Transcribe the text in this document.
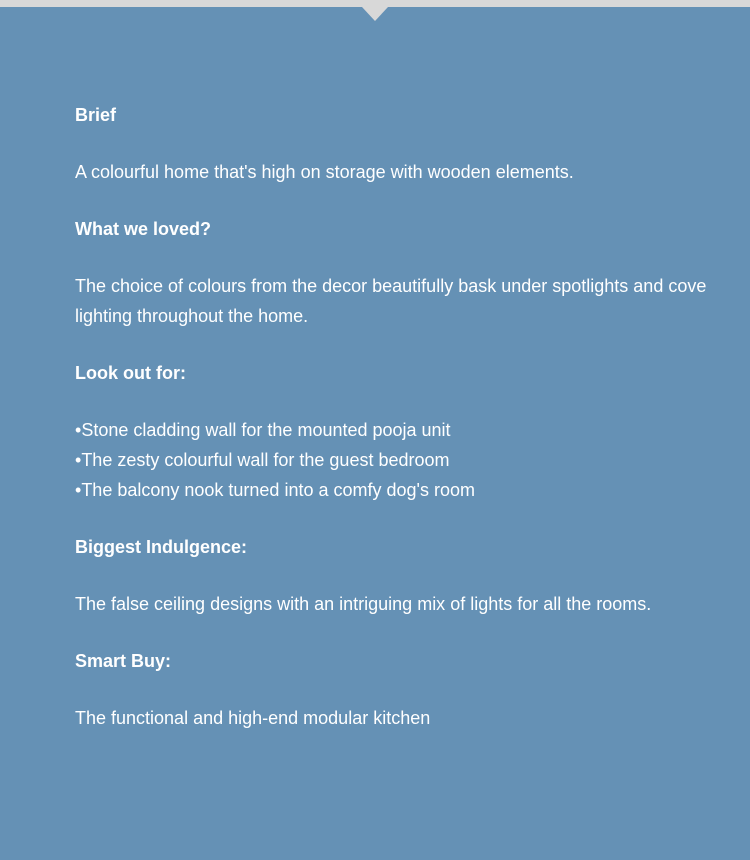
Brief

A colourful home that's high on storage with wooden elements.

What we loved?

The choice of colours from the decor beautifully bask under spotlights and cove lighting throughout the home.

Look out for:

• Stone cladding wall for the mounted pooja unit
• The zesty colourful wall for the guest bedroom
• The balcony nook turned into a comfy dog's room

Biggest Indulgence:

The false ceiling designs with an intriguing mix of lights for all the rooms.

Smart Buy:

The functional and high-end modular kitchen
